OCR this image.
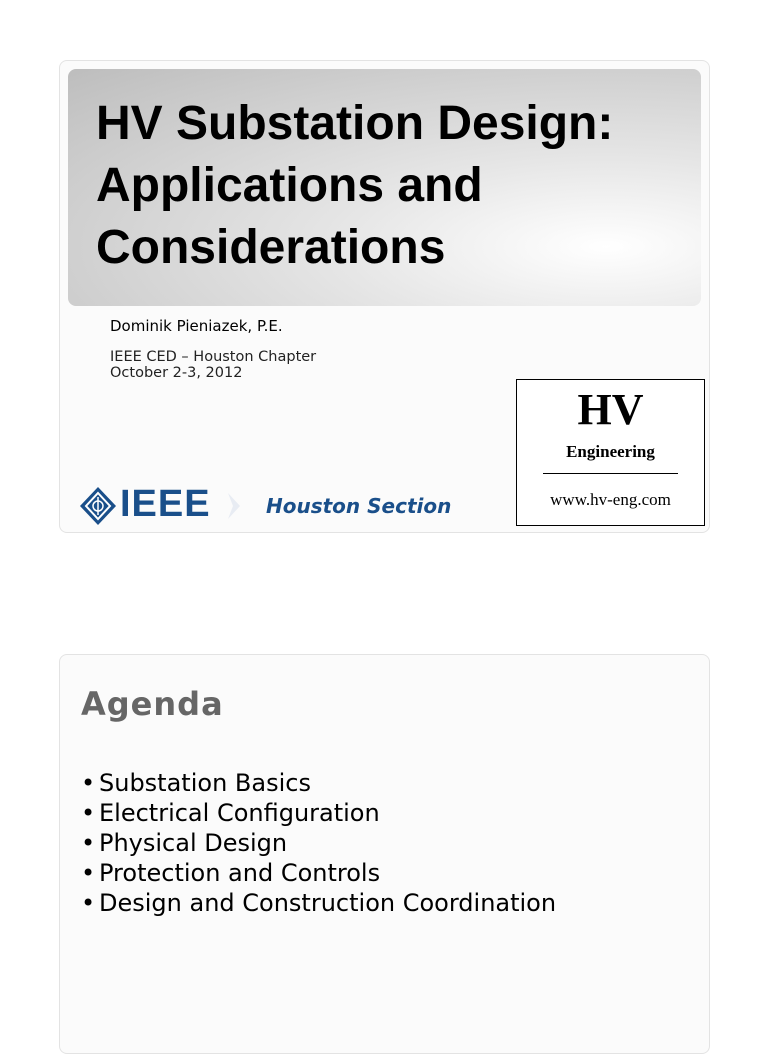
HV Substation Design:
Applications and
Considerations
Dominik Pieniazek, P.E.
IEEE CED – Houston Chapter
October 2-3, 2012
HV
Engineering
www.hv-eng.com
IEEE	Houston Section
Agenda
• Substation Basics
• Electrical Configuration
• Physical Design
• Protection and Controls
• Design and Construction Coordination
